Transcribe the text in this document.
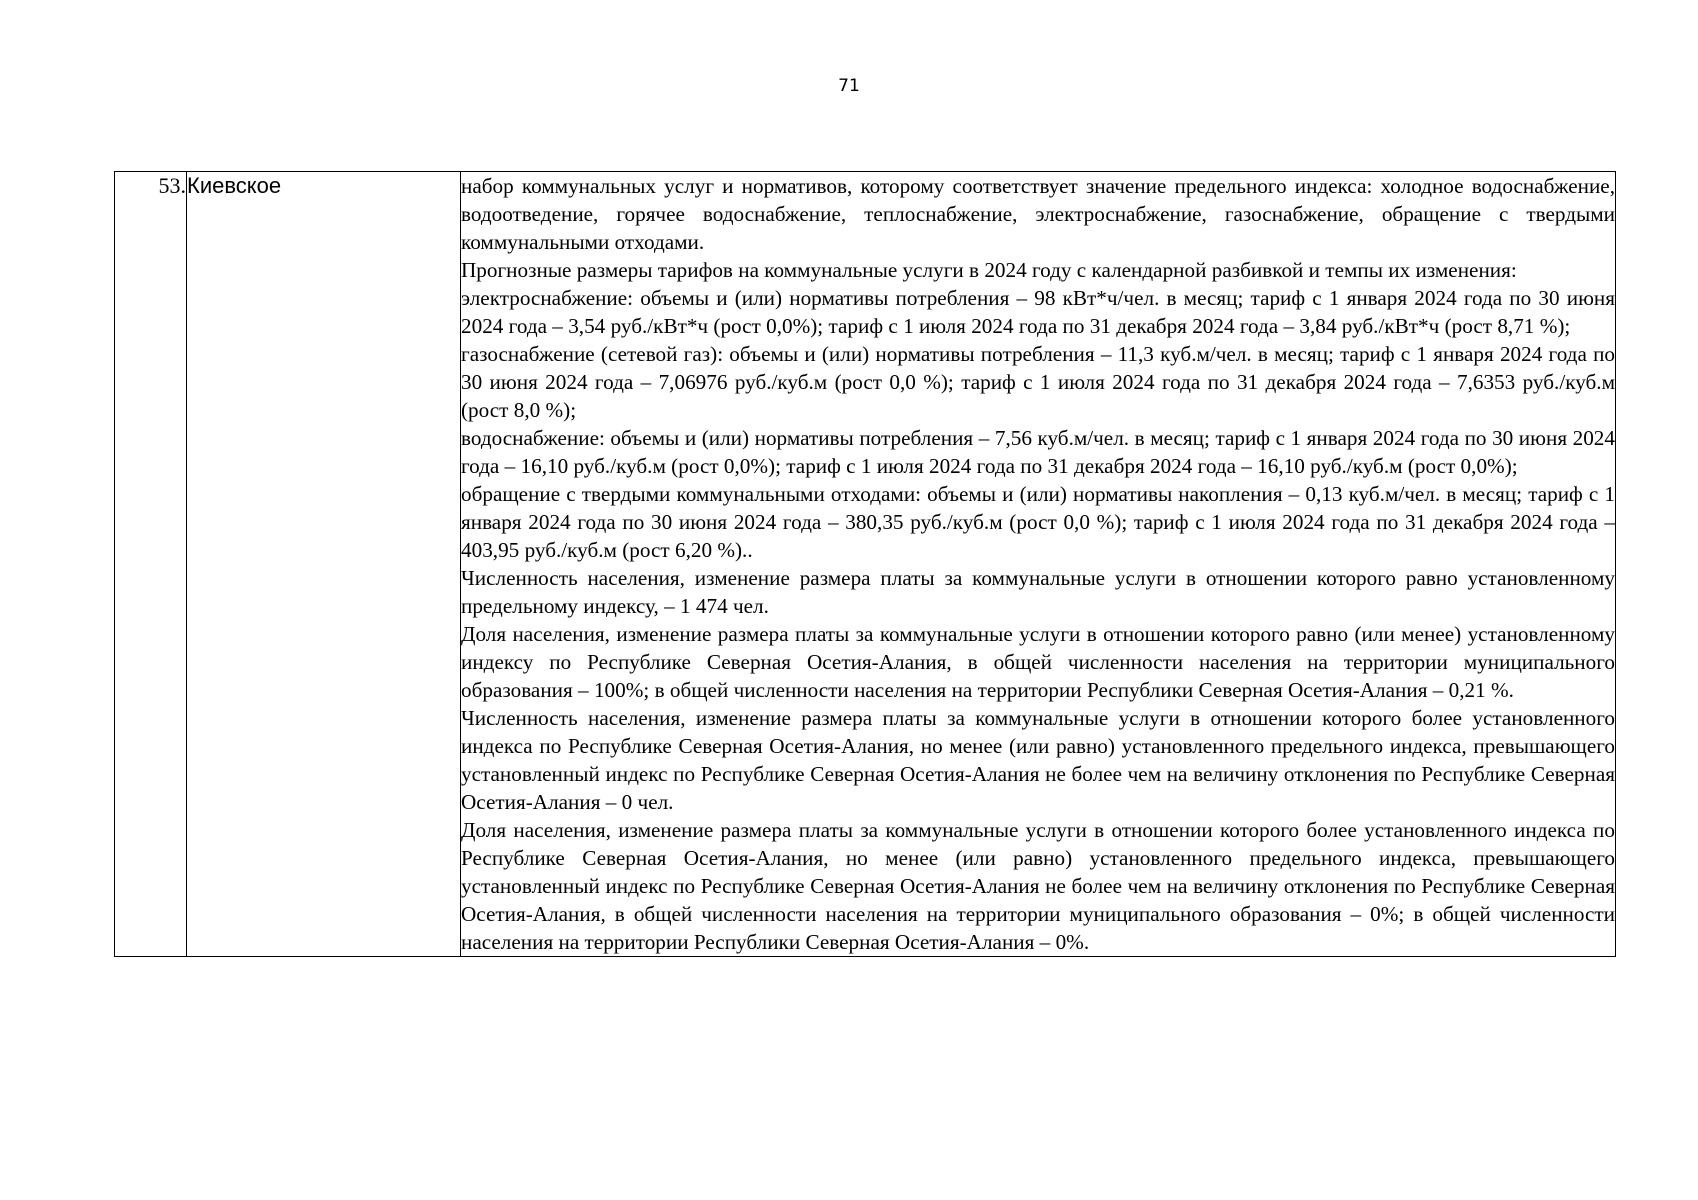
71
53.	Киевское	набор коммунальных услуг и нормативов, которому соответствует значение предельного индекса: холодное водоснабжение, водоотведение, горячее водоснабжение, теплоснабжение, электроснабжение, газоснабжение, обращение с твердыми коммунальными отходами.

Прогнозные размеры тарифов на коммунальные услуги в 2024 году с календарной разбивкой и темпы их изменения:

электроснабжение: объемы и (или) нормативы потребления – 98 кВт*ч/чел. в месяц; тариф с 1 января 2024 года по 30 июня 2024 года – 3,54 руб./кВт*ч (рост 0,0%); тариф с 1 июля 2024 года по 31 декабря 2024 года – 3,84 руб./кВт*ч (рост 8,71 %);

газоснабжение (сетевой газ): объемы и (или) нормативы потребления – 11,3 куб.м/чел. в месяц; тариф с 1 января 2024 года по 30 июня 2024 года – 7,06976 руб./куб.м (рост 0,0 %); тариф с 1 июля 2024 года по 31 декабря 2024 года – 7,6353 руб./куб.м (рост 8,0 %);

водоснабжение: объемы и (или) нормативы потребления – 7,56 куб.м/чел. в месяц; тариф с 1 января 2024 года по 30 июня 2024 года – 16,10 руб./куб.м (рост 0,0%); тариф с 1 июля 2024 года по 31 декабря 2024 года – 16,10 руб./куб.м (рост 0,0%);

обращение с твердыми коммунальными отходами: объемы и (или) нормативы накопления – 0,13 куб.м/чел. в месяц; тариф с 1 января 2024 года по 30 июня 2024 года – 380,35 руб./куб.м (рост 0,0 %); тариф с 1 июля 2024 года по 31 декабря 2024 года – 403,95 руб./куб.м (рост 6,20 %)..

Численность населения, изменение размера платы за коммунальные услуги в отношении которого равно установленному предельному индексу, – 1 474 чел.

Доля населения, изменение размера платы за коммунальные услуги в отношении которого равно (или менее) установленному индексу по Республике Северная Осетия-Алания, в общей численности населения на территории муниципального образования – 100%; в общей численности населения на территории Республики Северная Осетия-Алания – 0,21 %.

Численность населения, изменение размера платы за коммунальные услуги в отношении которого более установленного индекса по Республике Северная Осетия-Алания, но менее (или равно) установленного предельного индекса, превышающего установленный индекс по Республике Северная Осетия-Алания не более чем на величину отклонения по Республике Северная Осетия-Алания – 0 чел.

Доля населения, изменение размера платы за коммунальные услуги в отношении которого более установленного индекса по Республике Северная Осетия-Алания, но менее (или равно) установленного предельного индекса, превышающего установленный индекс по Республике Северная Осетия-Алания не более чем на величину отклонения по Республике Северная Осетия-Алания, в общей численности населения на территории муниципального образования – 0%; в общей численности населения на территории Республики Северная Осетия-Алания – 0%.
